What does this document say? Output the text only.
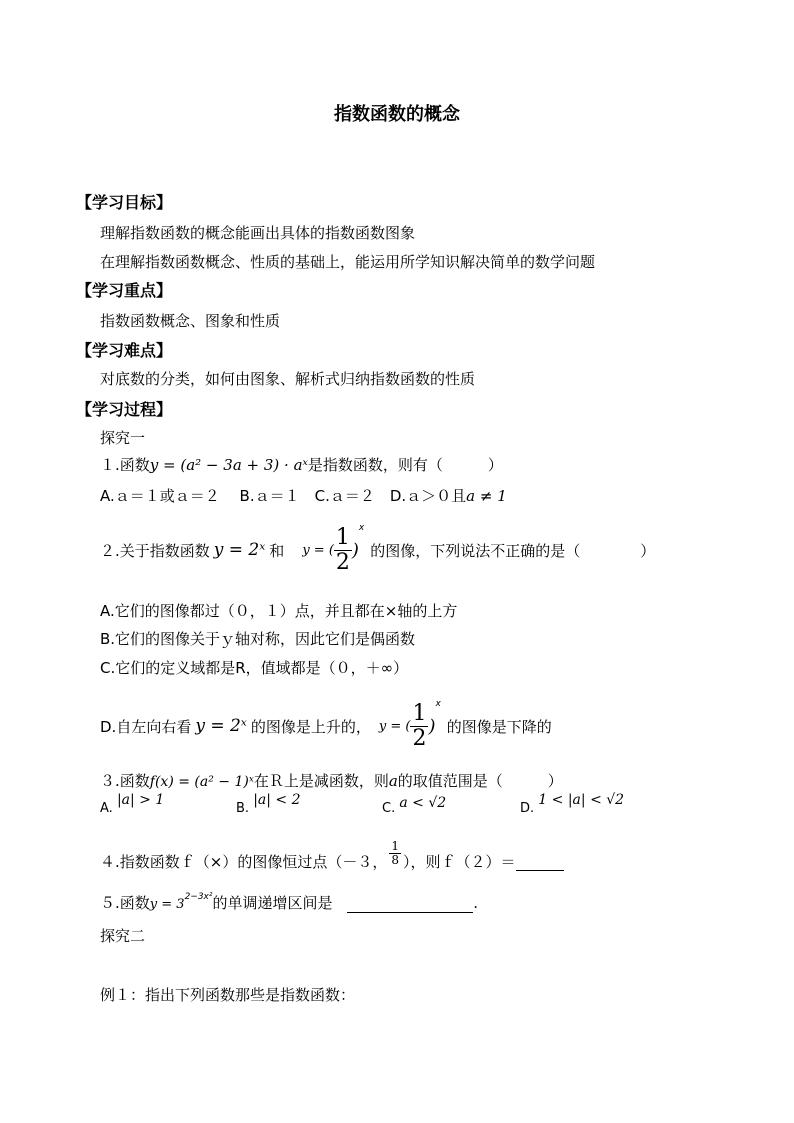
指数函数的概念
【学习目标】
理解指数函数的概念能画出具体的指数函数图象
在理解指数函数概念、性质的基础上，能运用所学知识解决简单的数学问题
【学习重点】
指数函数概念、图象和性质
【学习难点】
对底数的分类，如何由图象、解析式归纳指数函数的性质
【学习过程】
探究一
１.函数y = (a² − 3a + 3) · aˣ是指数函数，则有（　　　）
A.ａ＝１或ａ＝２　 B.ａ＝１　C.ａ＝２　D.ａ＞０且a ≠ 1
２.关于指数函数 y = 2ˣ 和 y = ( $\frac{1}{2}$ )
x
的图像，下列说法不正确的是（　　　　）
A.它们的图像都过（０，１）点，并且都在×轴的上方
B.它们的图像关于ｙ轴对称，因此它们是偶函数
C.它们的定义域都是R，值域都是（０，＋∞）
D.自左向右看 y = 2ˣ 的图像是上升的， y = ( $\frac{1}{2}$ )
x
的图像是下降的
３.函数f(x) = (a² − 1)ˣ在Ｒ上是减函数，则a的取值范围是（　　　）
A. |a| > 1
B. |a| < 2
C. a < √2	D. 1 < |a| < √2
４.指数函数ｆ（×）的图像恒过点（－３， $\frac{1}{8}$ ），则ｆ（２）＝
５.函数$y = 3^{2-3x^2}$的单调递增区间是	.
探究二
例１：指出下列函数那些是指数函数：
